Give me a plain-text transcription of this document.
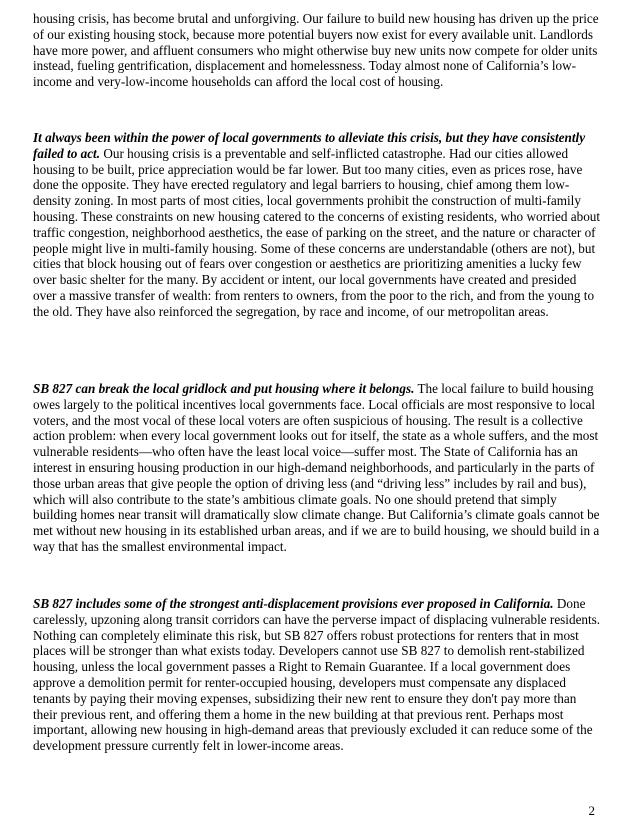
housing crisis, has become brutal and unforgiving. Our failure to build new housing has driven up the price of our existing housing stock, because more potential buyers now exist for every available unit. Landlords have more power, and affluent consumers who might otherwise buy new units now compete for older units instead, fueling gentrification, displacement and homelessness. Today almost none of California’s low-income and very-low-income households can afford the local cost of housing.

It always been within the power of local governments to alleviate this crisis, but they have consistently failed to act. Our housing crisis is a preventable and self-inflicted catastrophe. Had our cities allowed housing to be built, price appreciation would be far lower. But too many cities, even as prices rose, have done the opposite. They have erected regulatory and legal barriers to housing, chief among them low-density zoning. In most parts of most cities, local governments prohibit the construction of multi-family housing. These constraints on new housing catered to the concerns of existing residents, who worried about traffic congestion, neighborhood aesthetics, the ease of parking on the street, and the nature or character of people might live in multi-family housing. Some of these concerns are understandable (others are not), but cities that block housing out of fears over congestion or aesthetics are prioritizing amenities a lucky few over basic shelter for the many. By accident or intent, our local governments have created and presided over a massive transfer of wealth: from renters to owners, from the poor to the rich, and from the young to the old. They have also reinforced the segregation, by race and income, of our metropolitan areas.

SB 827 can break the local gridlock and put housing where it belongs. The local failure to build housing owes largely to the political incentives local governments face. Local officials are most responsive to local voters, and the most vocal of these local voters are often suspicious of housing. The result is a collective action problem: when every local government looks out for itself, the state as a whole suffers, and the most vulnerable residents—who often have the least local voice—suffer most. The State of California has an interest in ensuring housing production in our high-demand neighborhoods, and particularly in the parts of those urban areas that give people the option of driving less (and “driving less” includes by rail and bus), which will also contribute to the state’s ambitious climate goals. No one should pretend that simply building homes near transit will dramatically slow climate change. But California’s climate goals cannot be met without new housing in its established urban areas, and if we are to build housing, we should build in a way that has the smallest environmental impact.

SB 827 includes some of the strongest anti-displacement provisions ever proposed in California. Done carelessly, upzoning along transit corridors can have the perverse impact of displacing vulnerable residents. Nothing can completely eliminate this risk, but SB 827 offers robust protections for renters that in most places will be stronger than what exists today. Developers cannot use SB 827 to demolish rent-stabilized housing, unless the local government passes a Right to Remain Guarantee. If a local government does approve a demolition permit for renter-occupied housing, developers must compensate any displaced tenants by paying their moving expenses, subsidizing their new rent to ensure they don't pay more than their previous rent, and offering them a home in the new building at that previous rent. Perhaps most important, allowing new housing in high-demand areas that previously excluded it can reduce some of the development pressure currently felt in lower-income areas.

2
